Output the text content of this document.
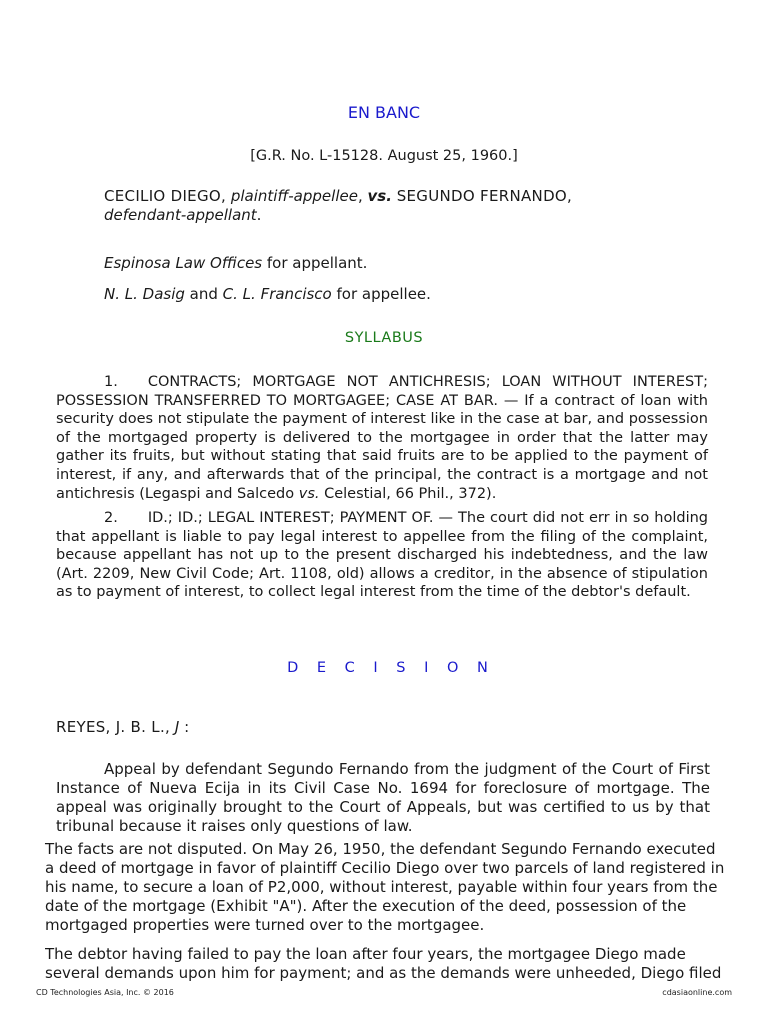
EN BANC
[G.R. No. L-15128. August 25, 1960.]
CECILIO DIEGO, plaintiff-appellee, vs. SEGUNDO FERNANDO,
defendant-appellant.
Espinosa Law Offices for appellant.
N. L. Dasig and C. L. Francisco for appellee.
SYLLABUS
1. CONTRACTS; MORTGAGE NOT ANTICHRESIS; LOAN WITHOUT INTEREST; POSSESSION TRANSFERRED TO MORTGAGEE; CASE AT BAR. — If a contract of loan with security does not stipulate the payment of interest like in the case at bar, and possession of the mortgaged property is delivered to the mortgagee in order that the latter may gather its fruits, but without stating that said fruits are to be applied to the payment of interest, if any, and afterwards that of the principal, the contract is a mortgage and not antichresis (Legaspi and Salcedo vs. Celestial, 66 Phil., 372).
2. ID.; ID.; LEGAL INTEREST; PAYMENT OF. — The court did not err in so holding that appellant is liable to pay legal interest to appellee from the filing of the complaint, because appellant has not up to the present discharged his indebtedness, and the law (Art. 2209, New Civil Code; Art. 1108, old) allows a creditor, in the absence of stipulation as to payment of interest, to collect legal interest from the time of the debtor's default.
D E C I S I O N
REYES, J. B. L., J :
Appeal by defendant Segundo Fernando from the judgment of the Court of First Instance of Nueva Ecija in its Civil Case No. 1694 for foreclosure of mortgage. The appeal was originally brought to the Court of Appeals, but was certified to us by that tribunal because it raises only questions of law.
The facts are not disputed. On May 26, 1950, the defendant Segundo Fernando executed a deed of mortgage in favor of plaintiff Cecilio Diego over two parcels of land registered in his name, to secure a loan of P2,000, without interest, payable within four years from the date of the mortgage (Exhibit "A"). After the execution of the deed, possession of the mortgaged properties were turned over to the mortgagee.
The debtor having failed to pay the loan after four years, the mortgagee Diego made several demands upon him for payment; and as the demands were unheeded, Diego filed
CD Technologies Asia, Inc. © 2016	cdasiaonline.com
